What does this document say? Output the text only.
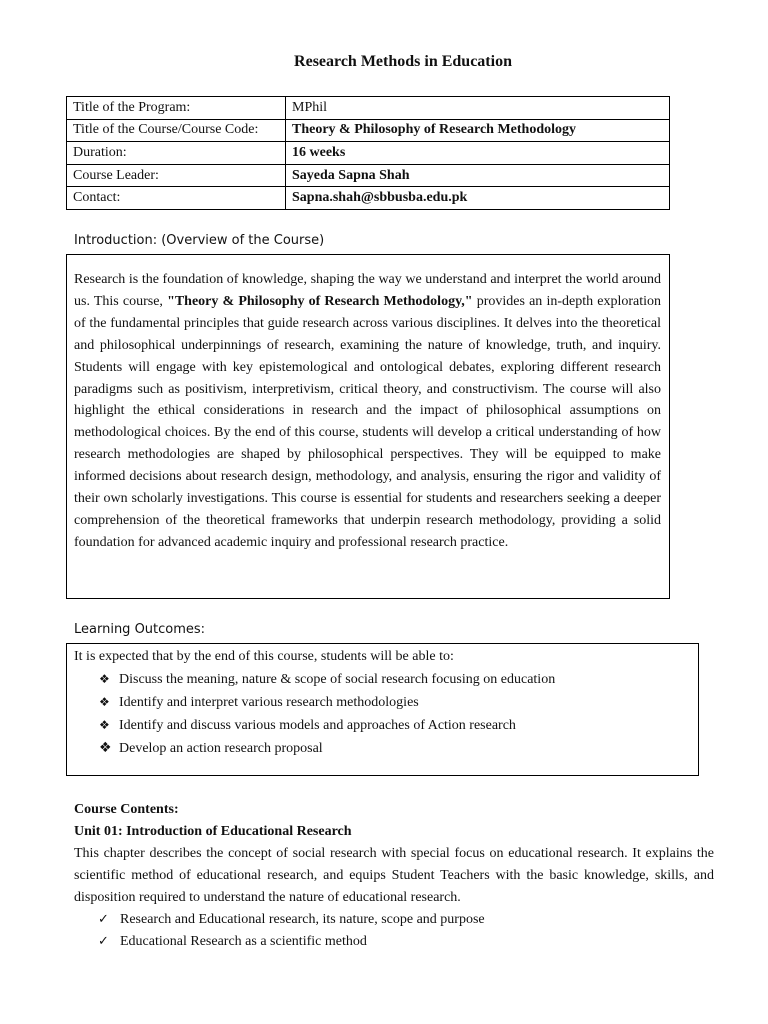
Research Methods in Education
Title of the Program:	MPhil
Title of the Course/Course Code:	Theory & Philosophy of Research Methodology
Duration:	16 weeks
Course Leader:	Sayeda Sapna Shah
Contact:	Sapna.shah@sbbusba.edu.pk
Introduction: (Overview of the Course)

Research is the foundation of knowledge, shaping the way we understand and interpret the world around us. This course, "Theory & Philosophy of Research Methodology," provides an in-depth exploration of the fundamental principles that guide research across various disciplines. It delves into the theoretical and philosophical underpinnings of research, examining the nature of knowledge, truth, and inquiry. Students will engage with key epistemological and ontological debates, exploring different research paradigms such as positivism, interpretivism, critical theory, and constructivism. The course will also highlight the ethical considerations in research and the impact of philosophical assumptions on methodological choices. By the end of this course, students will develop a critical understanding of how research methodologies are shaped by philosophical perspectives. They will be equipped to make informed decisions about research design, methodology, and analysis, ensuring the rigor and validity of their own scholarly investigations. This course is essential for students and researchers seeking a deeper comprehension of the theoretical frameworks that underpin research methodology, providing a solid foundation for advanced academic inquiry and professional research practice.

Learning Outcomes:
It is expected that by the end of this course, students will be able to:
❖ Discuss the meaning, nature & scope of social research focusing on education
❖ Identify and interpret various research methodologies
❖ Identify and discuss various models and approaches of Action research
❖ Develop an action research proposal
Course Contents:
Unit 01: Introduction of Educational Research
This chapter describes the concept of social research with special focus on educational research. It explains the scientific method of educational research, and equips Student Teachers with the basic knowledge, skills, and disposition required to understand the nature of educational research.
✓ Research and Educational research, its nature, scope and purpose
✓ Educational Research as a scientific method
